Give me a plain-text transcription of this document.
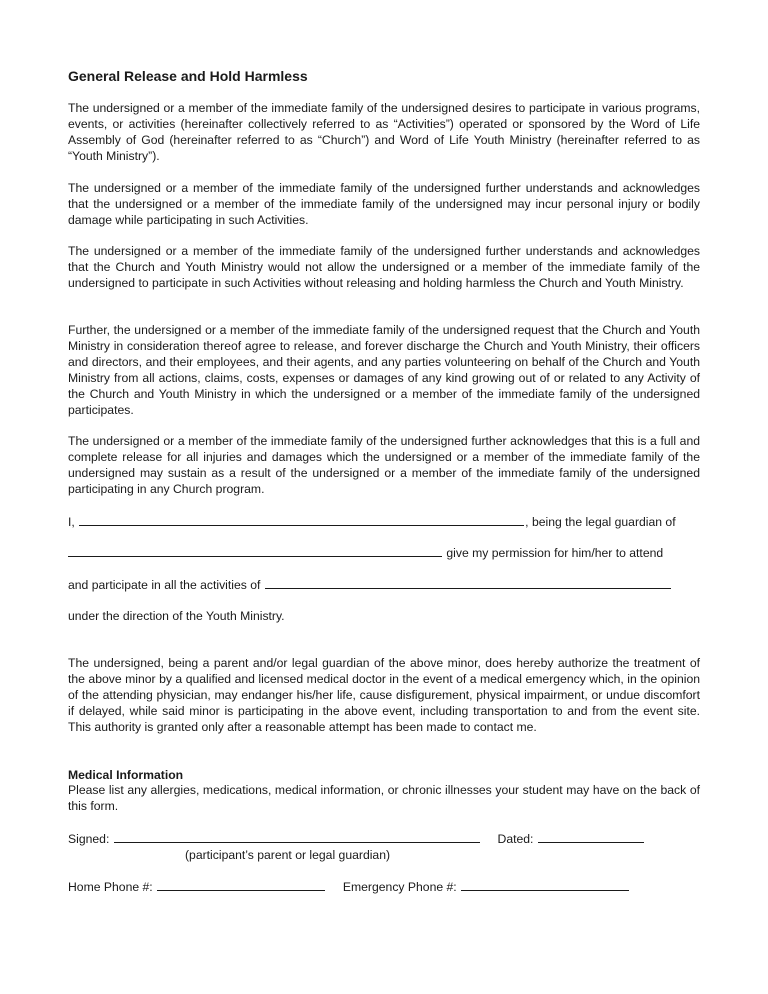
General Release and Hold Harmless
The undersigned or a member of the immediate family of the undersigned desires to participate in various programs, events, or activities (hereinafter collectively referred to as “Activities”) operated or sponsored by the Word of Life Assembly of God (hereinafter referred to as “Church”) and Word of Life Youth Ministry (hereinafter referred to as “Youth Ministry”).
The undersigned or a member of the immediate family of the undersigned further understands and acknowledges that the undersigned or a member of the immediate family of the undersigned may incur personal injury or bodily damage while participating in such Activities.
The undersigned or a member of the immediate family of the undersigned further understands and acknowledges that the Church and Youth Ministry would not allow the undersigned or a member of the immediate family of the undersigned to participate in such Activities without releasing and holding harmless the Church and Youth Ministry.
Further, the undersigned or a member of the immediate family of the undersigned request that the Church and Youth Ministry in consideration thereof agree to release, and forever discharge the Church and Youth Ministry, their officers and directors, and their employees, and their agents, and any parties volunteering on behalf of the Church and Youth Ministry from all actions, claims, costs, expenses or damages of any kind growing out of or related to any Activity of the Church and Youth Ministry in which the undersigned or a member of the immediate family of the undersigned participates.
The undersigned or a member of the immediate family of the undersigned further acknowledges that this is a full and complete release for all injuries and damages which the undersigned or a member of the immediate family of the undersigned may sustain as a result of the undersigned or a member of the immediate family of the undersigned participating in any Church program.
I,	, being the legal guardian of
give my permission for him/her to attend
and participate in all the activities of
under the direction of the Youth Ministry.
The undersigned, being a parent and/or legal guardian of the above minor, does hereby authorize the treatment of the above minor by a qualified and licensed medical doctor in the event of a medical emergency which, in the opinion of the attending physician, may endanger his/her life, cause disfigurement, physical impairment, or undue discomfort if delayed, while said minor is participating in the above event, including transportation to and from the event site. This authority is granted only after a reasonable attempt has been made to contact me.
Medical Information
Please list any allergies, medications, medical information, or chronic illnesses your student may have on the back of this form.
Signed:	Dated:
(participant’s parent or legal guardian)
Home Phone #:	Emergency Phone #:
